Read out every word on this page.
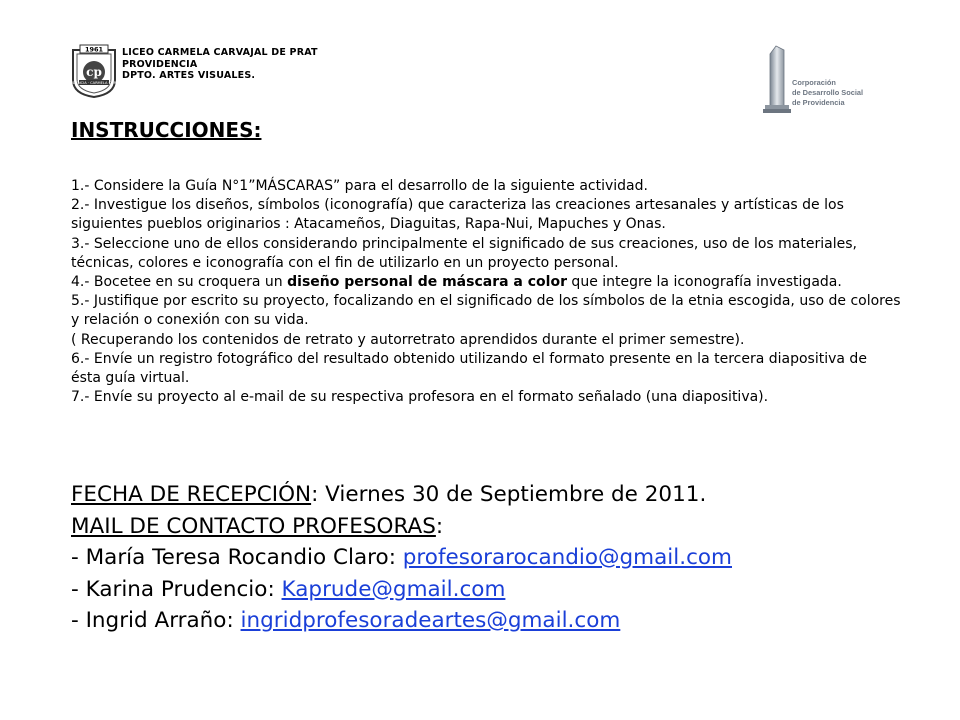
1961
cp
PROVIDENCIA · CARMELA CARVAJAL
LICEO CARMELA CARVAJAL DE PRAT
PROVIDENCIA
DPTO. ARTES VISUALES.
Corporación
de Desarrollo Social
de Providencia
INSTRUCCIONES:

1.- Considere la Guía N°1”MÁSCARAS” para el desarrollo de la siguiente actividad.

2.- Investigue los diseños, símbolos (iconografía) que caracteriza las creaciones artesanales y artísticas de los siguientes pueblos originarios : Atacameños, Diaguitas, Rapa-Nui, Mapuches y Onas.

3.- Seleccione uno de ellos considerando principalmente el significado de sus creaciones, uso de los materiales, técnicas, colores e iconografía con el fin de utilizarlo en un proyecto personal.

4.- Bocetee en su croquera un diseño personal de máscara a color que integre la iconografía investigada.

5.- Justifique por escrito su proyecto, focalizando en el significado de los símbolos de la etnia escogida, uso de colores y relación o conexión con su vida.

( Recuperando los contenidos de retrato y autorretrato aprendidos durante el primer semestre).

6.- Envíe un registro fotográfico del resultado obtenido utilizando el formato presente en la tercera diapositiva de ésta guía virtual.

7.- Envíe su proyecto al e-mail de su respectiva profesora en el formato señalado (una diapositiva).

FECHA DE RECEPCIÓN: Viernes 30 de Septiembre de 2011.

MAIL DE CONTACTO PROFESORAS:

- María Teresa Rocandio Claro: profesorarocandio@gmail.com

- Karina Prudencio: Kaprude@gmail.com

- Ingrid Arraño: ingridprofesoradeartes@gmail.com
